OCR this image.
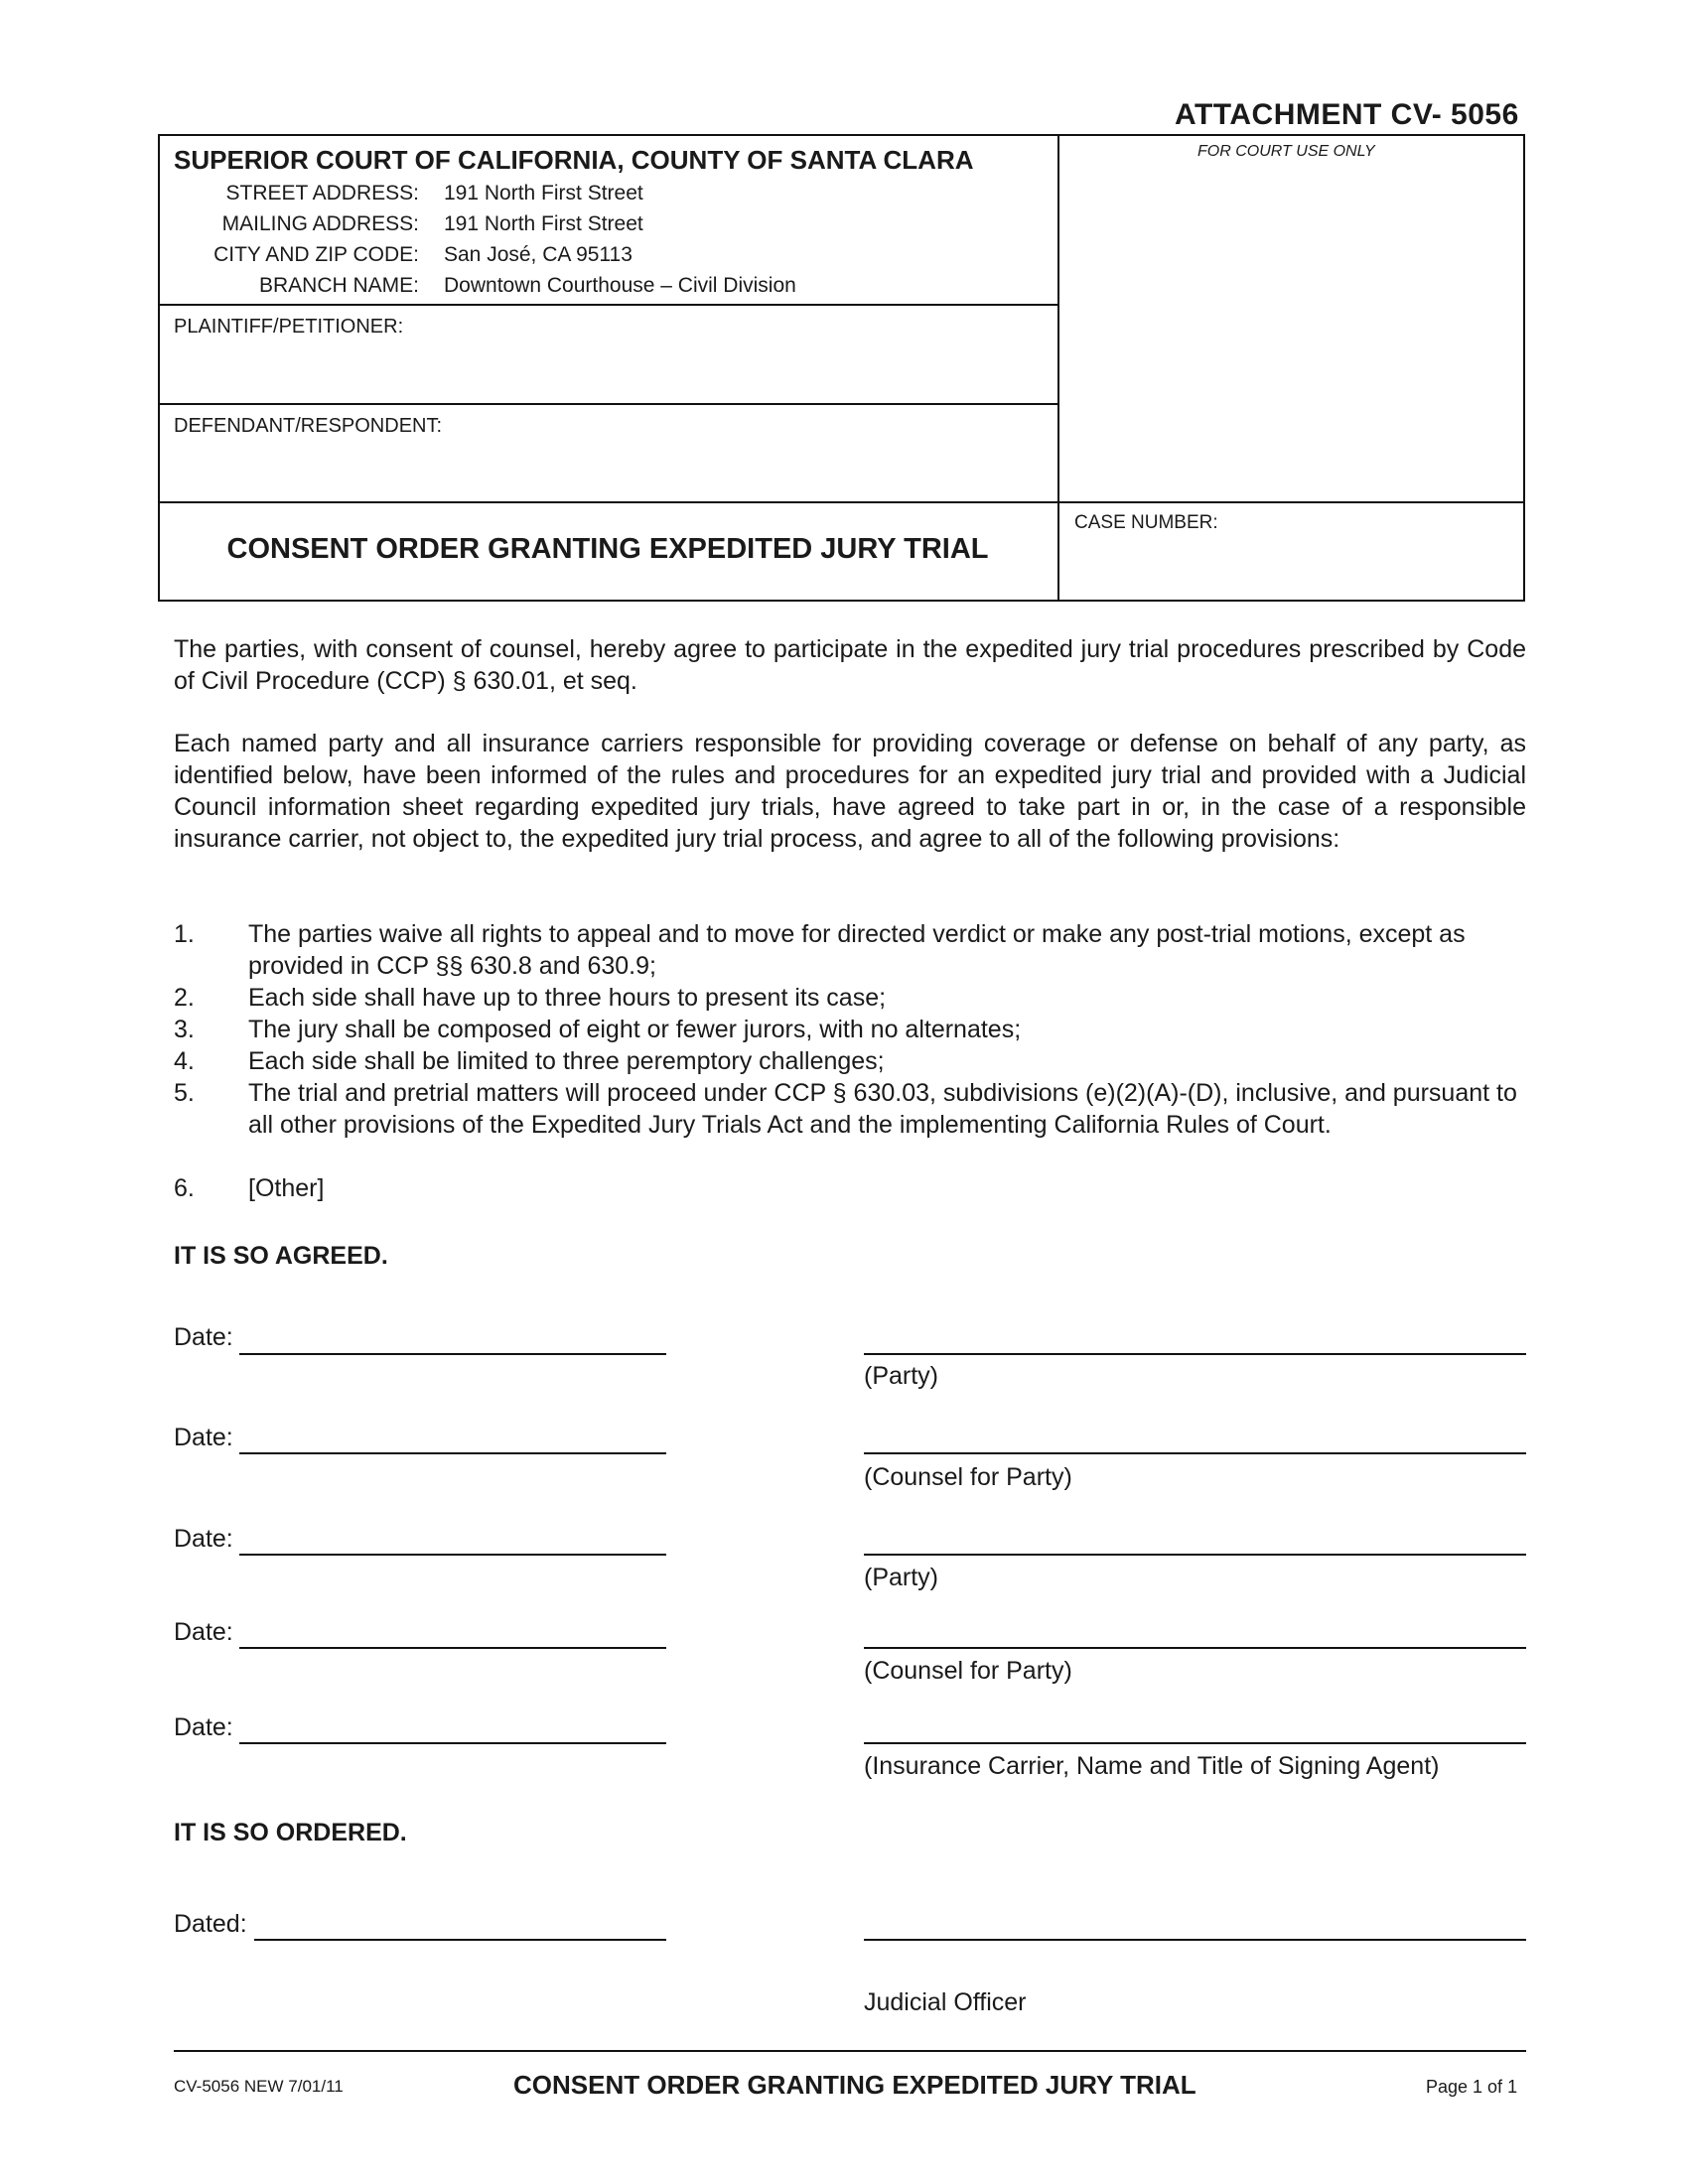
ATTACHMENT CV- 5056
SUPERIOR COURT OF CALIFORNIA, COUNTY OF SANTA CLARA
STREET ADDRESS: 191 North First Street
MAILING ADDRESS: 191 North First Street
CITY AND ZIP CODE: San José, CA 95113
BRANCH NAME: Downtown Courthouse – Civil Division
PLAINTIFF/PETITIONER:
DEFENDANT/RESPONDENT:
FOR COURT USE ONLY
CASE NUMBER:
CONSENT ORDER GRANTING EXPEDITED JURY TRIAL
The parties, with consent of counsel, hereby agree to participate in the expedited jury trial procedures prescribed by Code of Civil Procedure (CCP) § 630.01, et seq.
Each named party and all insurance carriers responsible for providing coverage or defense on behalf of any party, as identified below, have been informed of the rules and procedures for an expedited jury trial and provided with a Judicial Council information sheet regarding expedited jury trials, have agreed to take part in or, in the case of a responsible insurance carrier, not object to, the expedited jury trial process, and agree to all of the following provisions:
1. The parties waive all rights to appeal and to move for directed verdict or make any post-trial motions, except as provided in CCP §§ 630.8 and 630.9;
2. Each side shall have up to three hours to present its case;
3. The jury shall be composed of eight or fewer jurors, with no alternates;
4. Each side shall be limited to three peremptory challenges;
5. The trial and pretrial matters will proceed under CCP § 630.03, subdivisions (e)(2)(A)-(D), inclusive, and pursuant to all other provisions of the Expedited Jury Trials Act and the implementing California Rules of Court.
6. [Other]
IT IS SO AGREED.
Date:
(Party)
Date:
(Counsel for Party)
Date:
(Party)
Date:
(Counsel for Party)
Date:
(Insurance Carrier, Name and Title of Signing Agent)
IT IS SO ORDERED.
Dated:
Judicial Officer
CV-5056 NEW 7/01/11	CONSENT ORDER GRANTING EXPEDITED JURY TRIAL	Page 1 of 1
